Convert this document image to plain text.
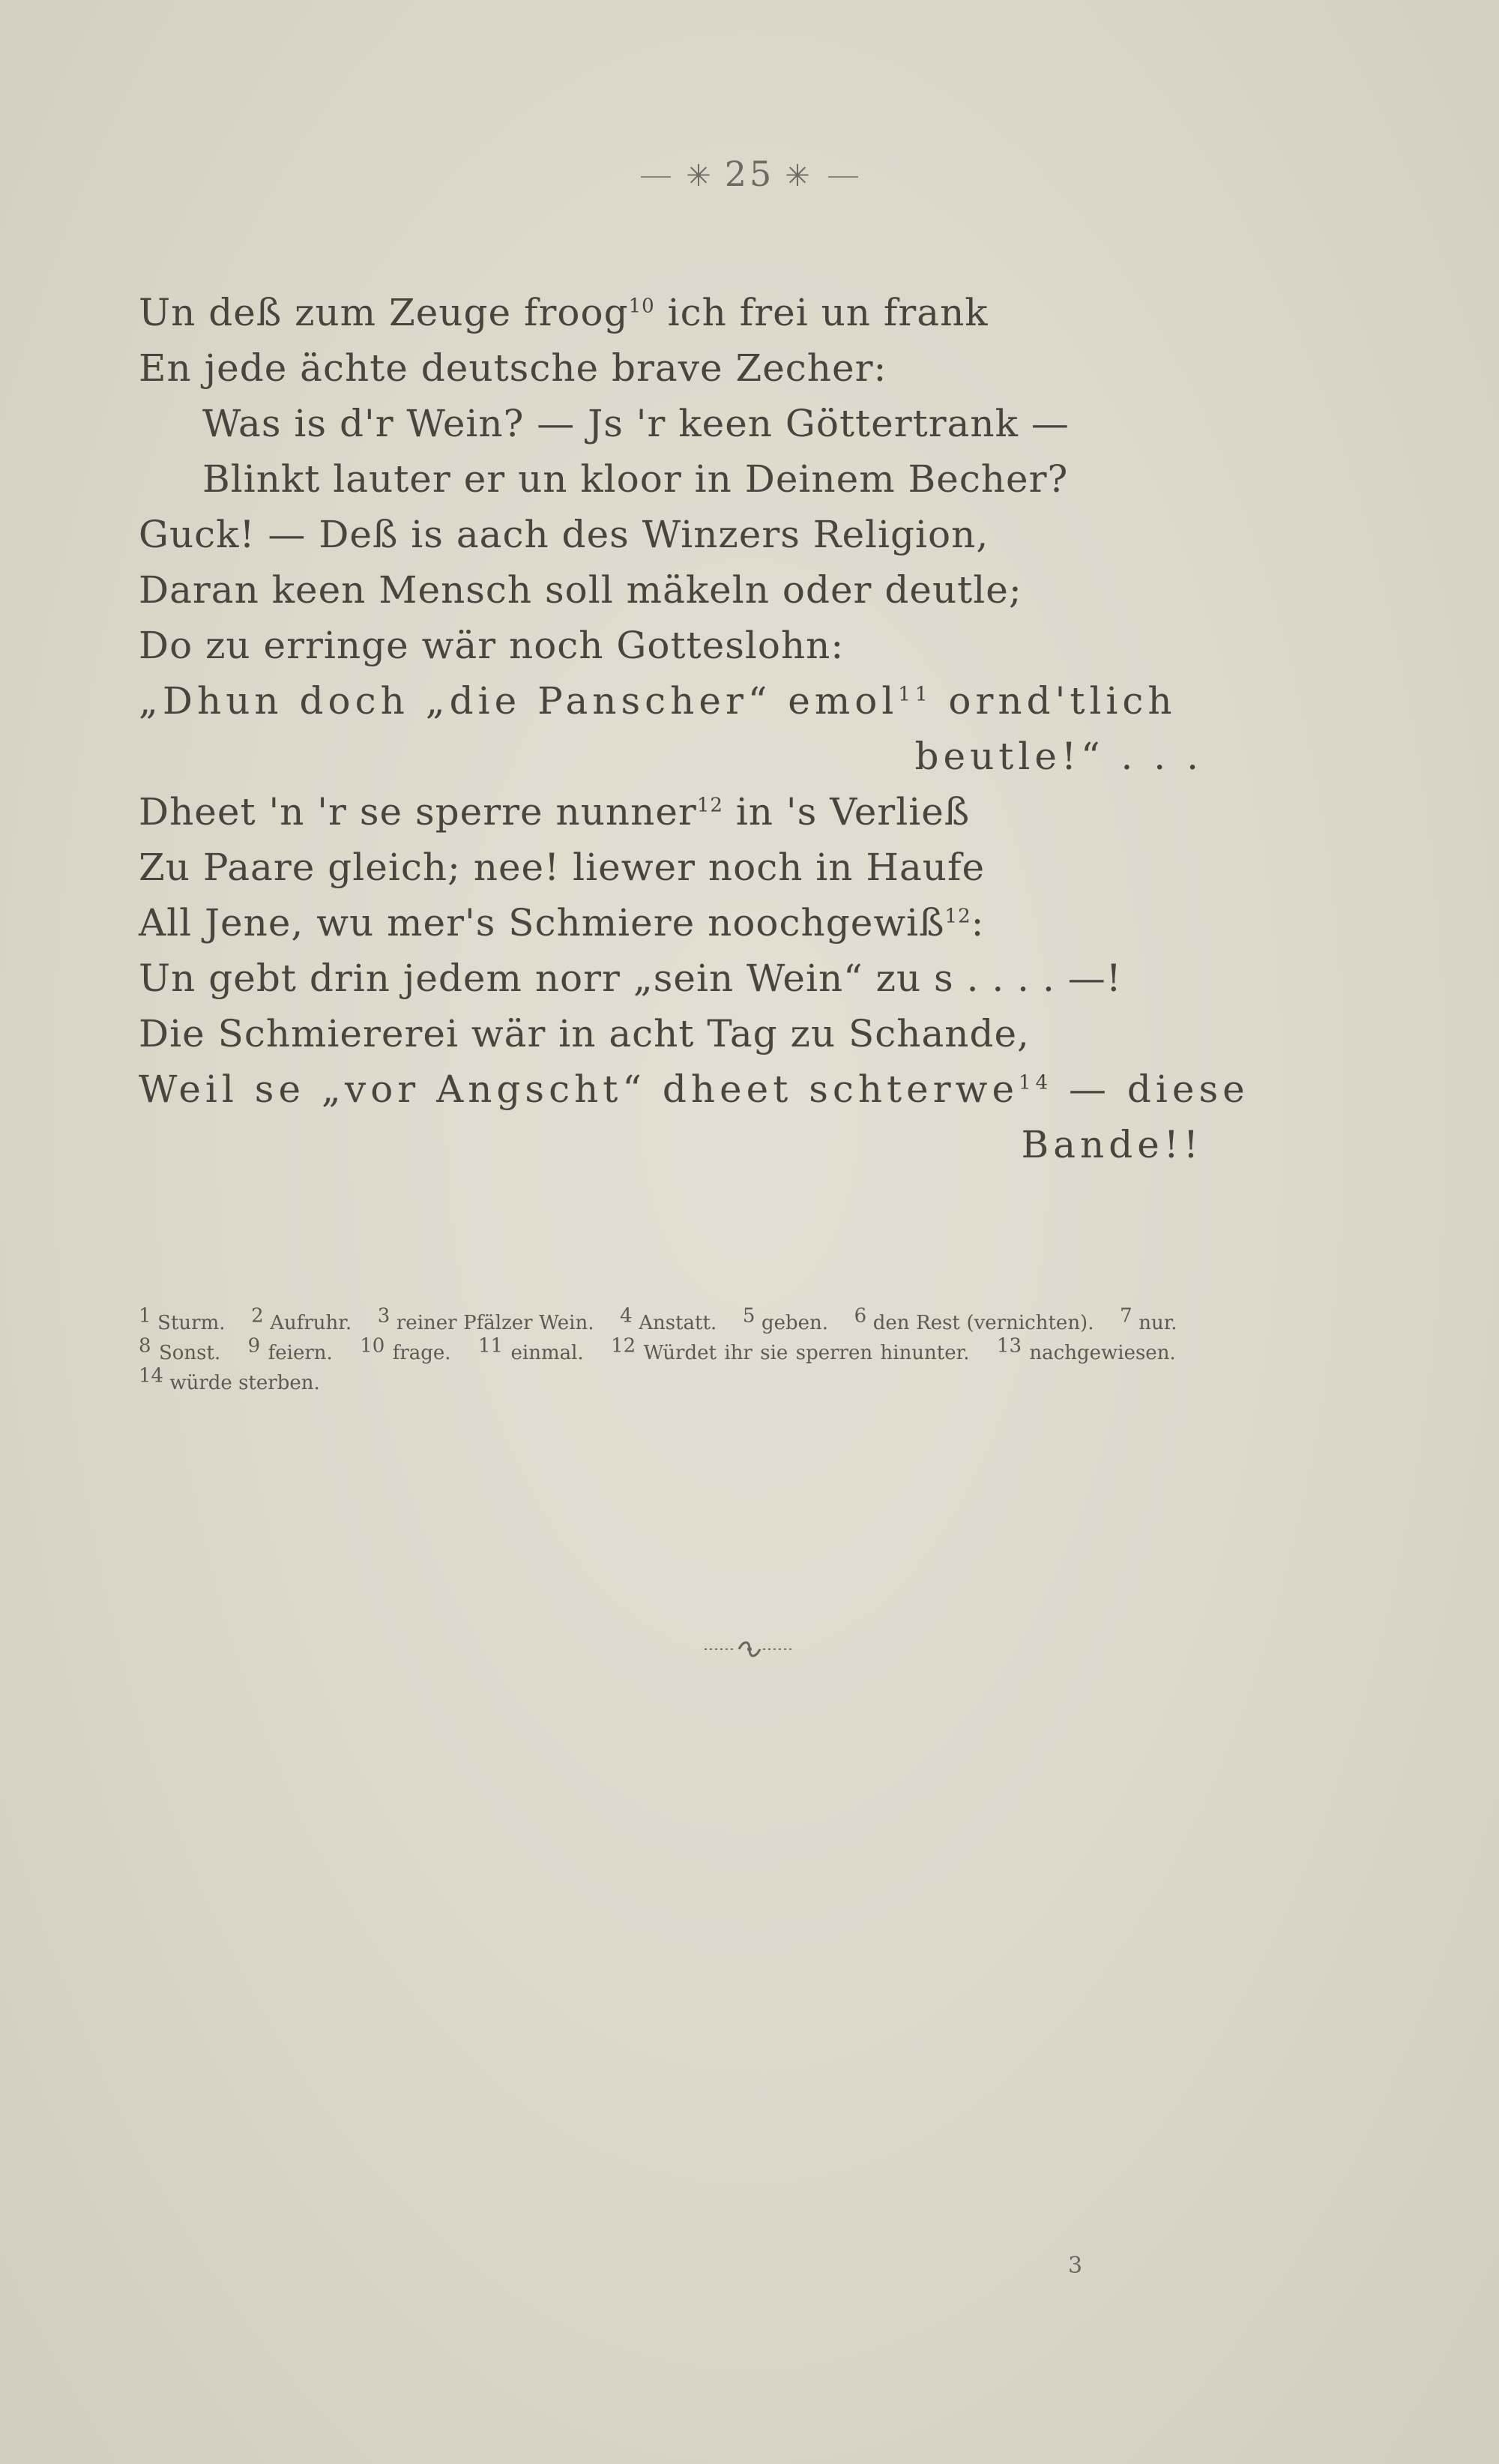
✳ 25 ✳
Un deß zum Zeuge froog$^{10}$ ich frei un frank
En jede ächte deutsche brave Zecher:
Was is d'r Wein? — Js 'r keen Göttertrank —
Blinkt lauter er un kloor in Deinem Becher?
Guck! — Deß is aach des Winzers Religion,
Daran keen Mensch soll mäkeln oder deutle;
Do zu erringe wär noch Gotteslohn:
„Dhun doch „die Panscher“ emol$^{11}$ ornd'tlich
beutle!“ . . .
Dheet 'n 'r se sperre nunner$^{12}$ in 's Verließ
Zu Paare gleich; nee! liewer noch in Haufe
All Jene, wu mer's Schmiere noochgewiß$^{12}$:
Un gebt drin jedem norr „sein Wein“ zu s . . . . —!
Die Schmiererei wär in acht Tag zu Schande,
Weil se „vor Angscht“ dheet schterwe$^{14}$ — diese
Bande!!
$^1$ Sturm.   $^2$ Aufruhr.   $^3$ reiner Pfälzer Wein.   $^4$ Anstatt.   $^5$ geben.   $^6$ den Rest (vernichten).   $^7$ nur.  $^8$ Sonst.   $^9$ feiern.   $^{10}$ frage.   $^{11}$ einmal.   $^{12}$ Würdet ihr sie sperren hinunter.   $^{13}$ nachgewiesen.  $^{14}$ würde sterben.  
3
